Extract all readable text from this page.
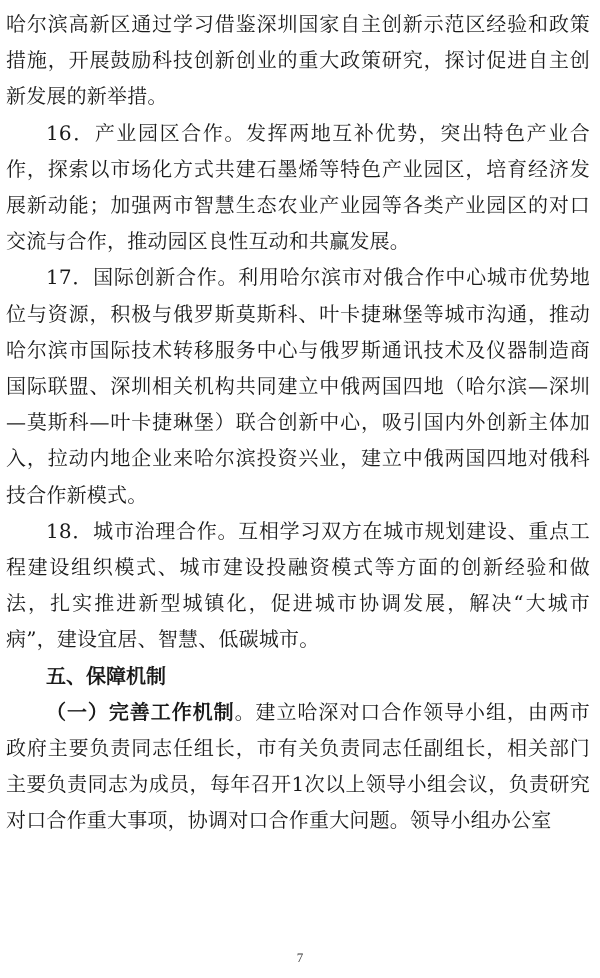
哈尔滨高新区通过学习借鉴深圳国家自主创新示范区经验和政策措施，开展鼓励科技创新创业的重大政策研究，探讨促进自主创新发展的新举措。

16．产业园区合作。发挥两地互补优势，突出特色产业合作，探索以市场化方式共建石墨烯等特色产业园区，培育经济发展新动能；加强两市智慧生态农业产业园等各类产业园区的对口交流与合作，推动园区良性互动和共赢发展。

17．国际创新合作。利用哈尔滨市对俄合作中心城市优势地位与资源，积极与俄罗斯莫斯科、叶卡捷琳堡等城市沟通，推动哈尔滨市国际技术转移服务中心与俄罗斯通讯技术及仪器制造商国际联盟、深圳相关机构共同建立中俄两国四地（哈尔滨—深圳—莫斯科—叶卡捷琳堡）联合创新中心，吸引国内外创新主体加入，拉动内地企业来哈尔滨投资兴业，建立中俄两国四地对俄科技合作新模式。

18．城市治理合作。互相学习双方在城市规划建设、重点工程建设组织模式、城市建设投融资模式等方面的创新经验和做法，扎实推进新型城镇化，促进城市协调发展，解决“大城市病”，建设宜居、智慧、低碳城市。

五、保障机制

（一）完善工作机制。建立哈深对口合作领导小组，由两市政府主要负责同志任组长，市有关负责同志任副组长，相关部门主要负责同志为成员，每年召开1次以上领导小组会议，负责研究对口合作重大事项，协调对口合作重大问题。领导小组办公室

7
